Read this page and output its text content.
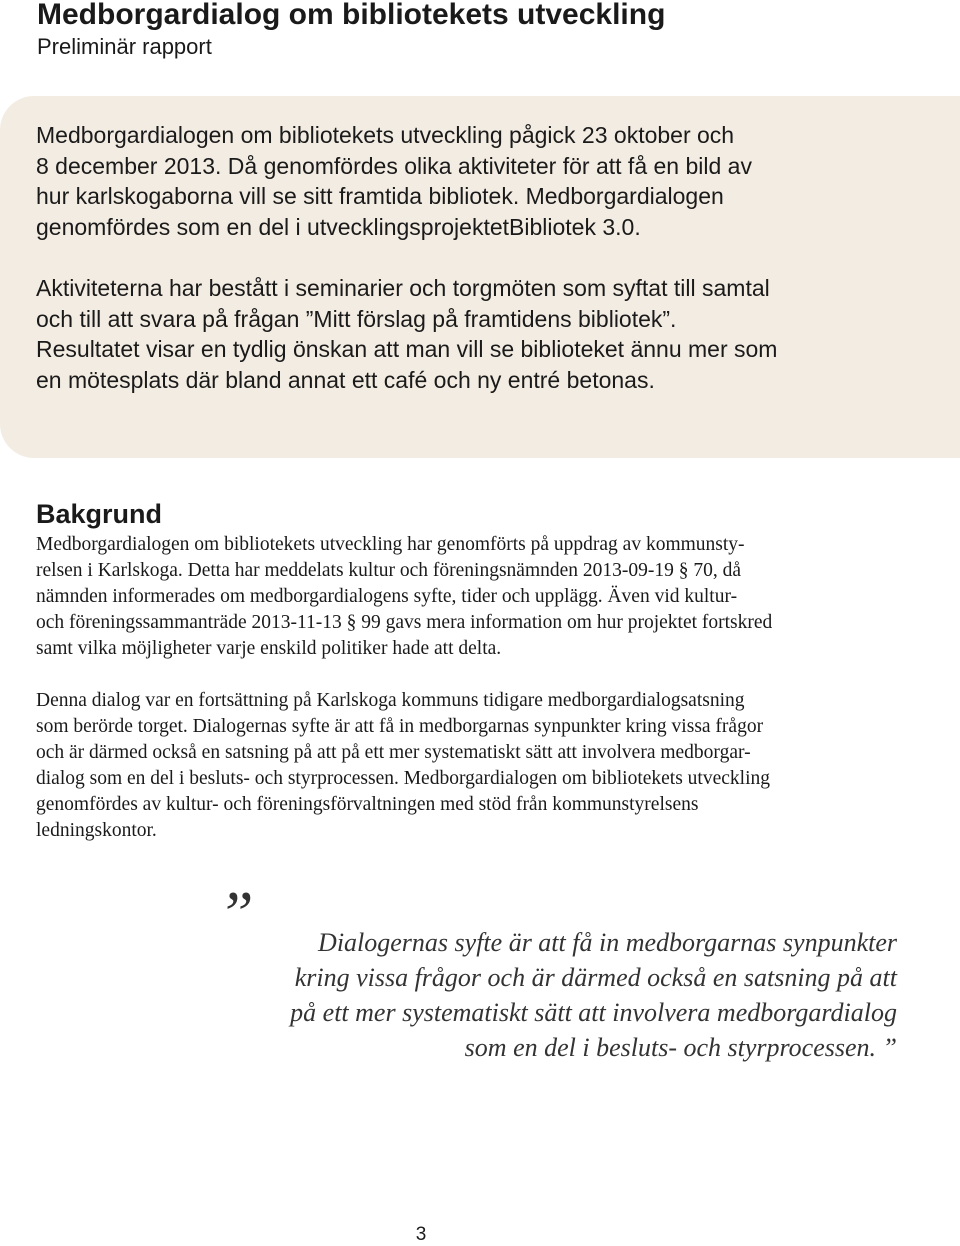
Medborgardialog om bibliotekets utveckling
Preliminär rapport

Medborgardialogen om bibliotekets utveckling pågick 23 oktober och
8 december 2013. Då genomfördes olika aktiviteter för att få en bild av
hur karlskogaborna vill se sitt framtida bibliotek. Medborgardialogen
genomfördes som en del i utvecklingsprojektetBibliotek 3.0.

Aktiviteterna har bestått i seminarier och torgmöten som syftat till samtal
och till att svara på frågan ”Mitt förslag på framtidens bibliotek”.
Resultatet visar en tydlig önskan att man vill se biblioteket ännu mer som
en mötesplats där bland annat ett café och ny entré betonas.

Bakgrund

Medborgardialogen om bibliotekets utveckling har genomförts på uppdrag av kommunsty-
relsen i Karlskoga. Detta har meddelats kultur och föreningsnämnden 2013-09-19 § 70, då
nämnden informerades om medborgardialogens syfte, tider och upplägg. Även vid kultur-
och föreningssammanträde 2013-11-13 § 99 gavs mera information om hur projektet fortskred
samt vilka möjligheter varje enskild politiker hade att delta.

Denna dialog var en fortsättning på Karlskoga kommuns tidigare medborgardialogsatsning
som berörde torget. Dialogernas syfte är att få in medborgarnas synpunkter kring vissa frågor
och är därmed också en satsning på att på ett mer systematiskt sätt att involvera medborgar-
dialog som en del i besluts- och styrprocessen. Medborgardialogen om bibliotekets utveckling
genomfördes av kultur- och föreningsförvaltningen med stöd från kommunstyrelsens
ledningskontor.

”	Dialogernas syfte är att få in medborgarnas synpunkter
kring vissa frågor och är därmed också en satsning på att
på ett mer systematiskt sätt att involvera medborgardialog
som en del i besluts- och styrprocessen. ”

3
